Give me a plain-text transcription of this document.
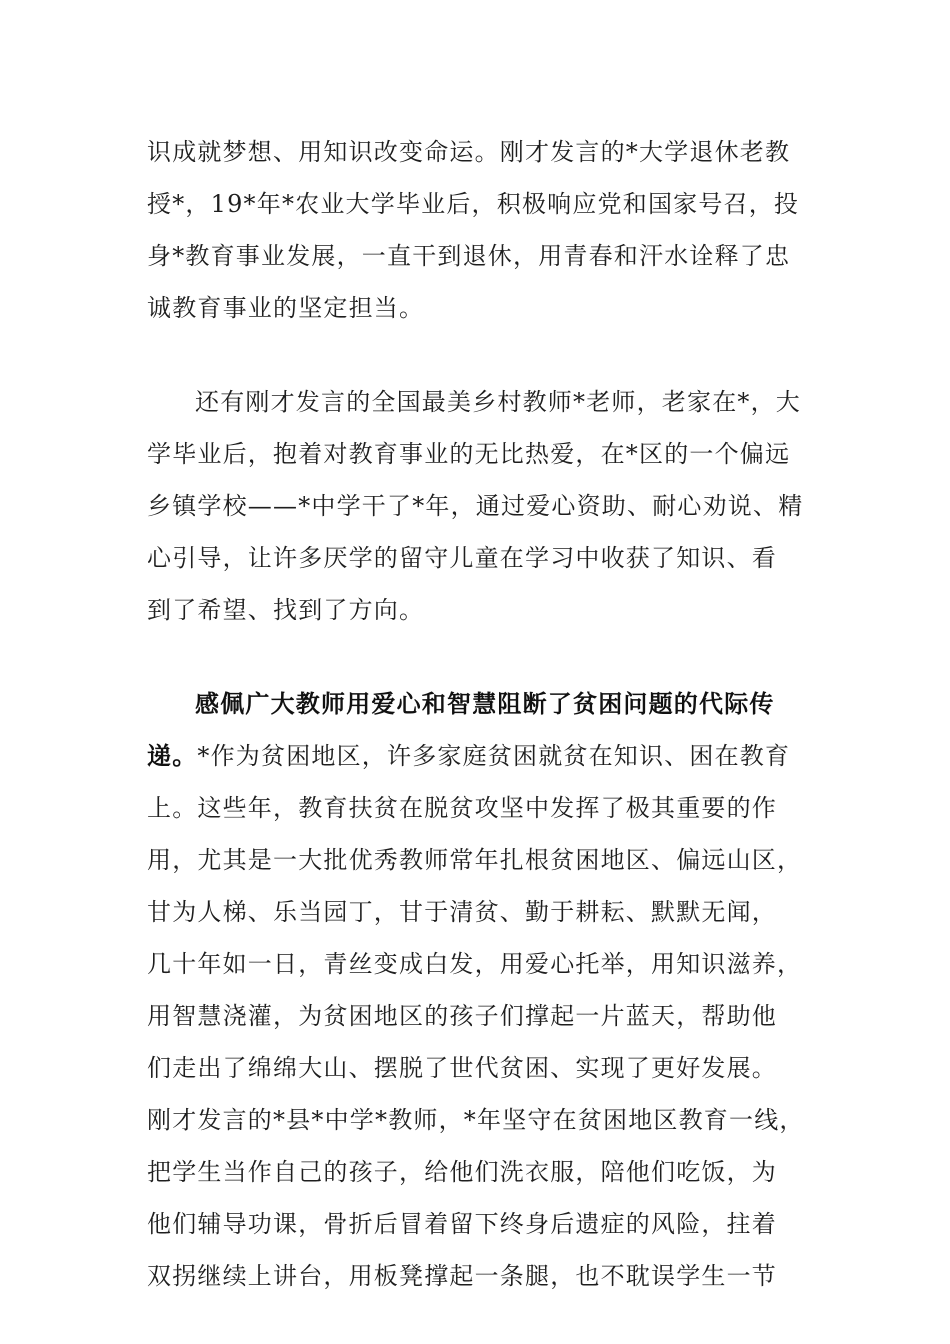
识成就梦想、用知识改变命运。刚才发言的*大学退休老教
授*，19*年*农业大学毕业后，积极响应党和国家号召，投
身*教育事业发展，一直干到退休，用青春和汗水诠释了忠
诚教育事业的坚定担当。
还有刚才发言的全国最美乡村教师*老师，老家在*，大
学毕业后，抱着对教育事业的无比热爱，在*区的一个偏远
乡镇学校——*中学干了*年，通过爱心资助、耐心劝说、精
心引导，让许多厌学的留守儿童在学习中收获了知识、看
到了希望、找到了方向。
感佩广大教师用爱心和智慧阻断了贫困问题的代际传
递。*作为贫困地区，许多家庭贫困就贫在知识、困在教育
上。这些年，教育扶贫在脱贫攻坚中发挥了极其重要的作
用，尤其是一大批优秀教师常年扎根贫困地区、偏远山区，
甘为人梯、乐当园丁，甘于清贫、勤于耕耘、默默无闻，
几十年如一日，青丝变成白发，用爱心托举，用知识滋养，
用智慧浇灌，为贫困地区的孩子们撑起一片蓝天，帮助他
们走出了绵绵大山、摆脱了世代贫困、实现了更好发展。
刚才发言的*县*中学*教师，*年坚守在贫困地区教育一线，
把学生当作自己的孩子，给他们洗衣服，陪他们吃饭，为
他们辅导功课，骨折后冒着留下终身后遗症的风险，拄着
双拐继续上讲台，用板凳撑起一条腿，也不耽误学生一节
